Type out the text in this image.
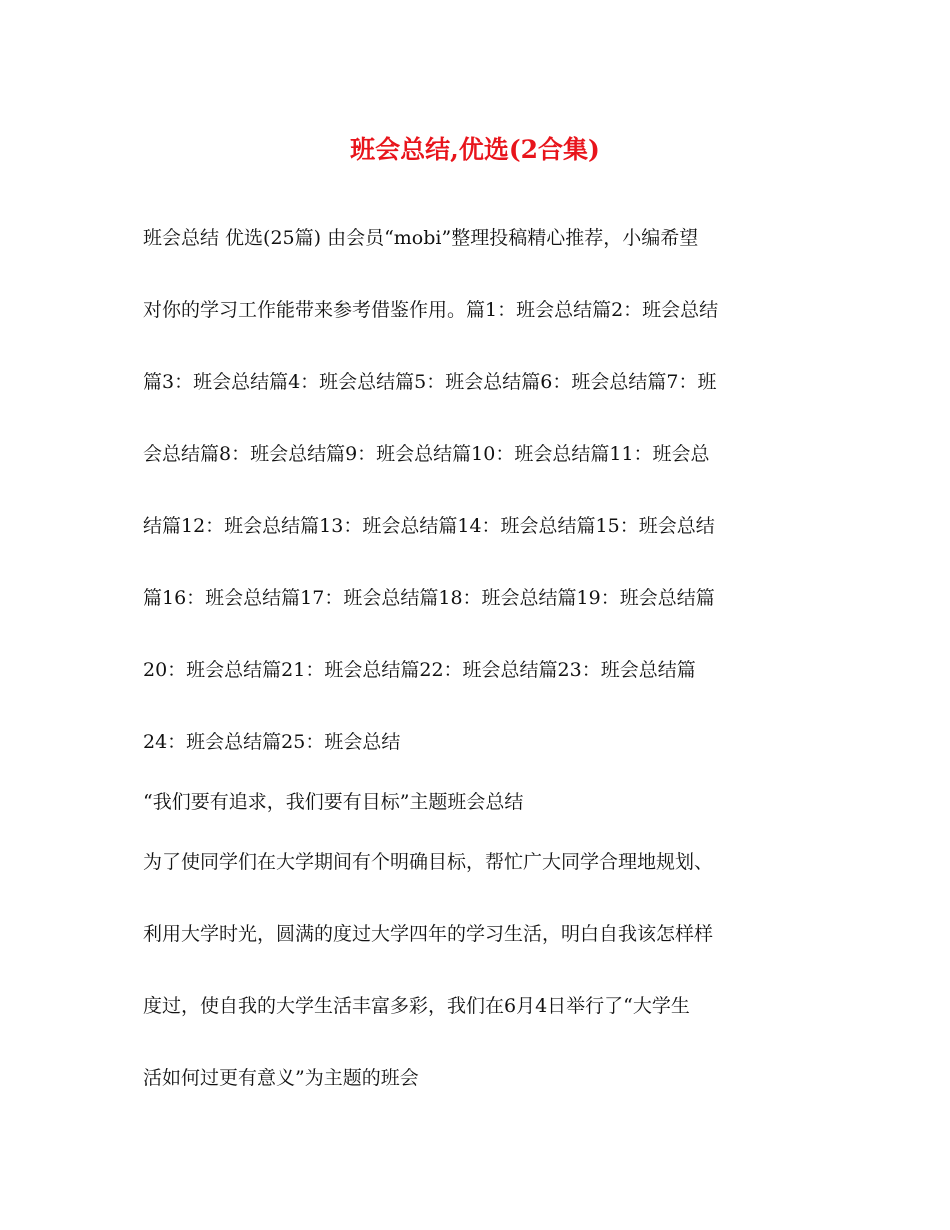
班会总结,优选(2合集)
班会总结 优选(25篇) 由会员“mobi”整理投稿精心推荐，小编希望
对你的学习工作能带来参考借鉴作用。篇1：班会总结篇2：班会总结
篇3：班会总结篇4：班会总结篇5：班会总结篇6：班会总结篇7：班
会总结篇8：班会总结篇9：班会总结篇10：班会总结篇11：班会总
结篇12：班会总结篇13：班会总结篇14：班会总结篇15：班会总结
篇16：班会总结篇17：班会总结篇18：班会总结篇19：班会总结篇
20：班会总结篇21：班会总结篇22：班会总结篇23：班会总结篇
24：班会总结篇25：班会总结
“我们要有追求，我们要有目标”主题班会总结
为了使同学们在大学期间有个明确目标，帮忙广大同学合理地规划、
利用大学时光，圆满的度过大学四年的学习生活，明白自我该怎样样
度过，使自我的大学生活丰富多彩，我们在6月4日举行了“大学生
活如何过更有意义”为主题的班会
